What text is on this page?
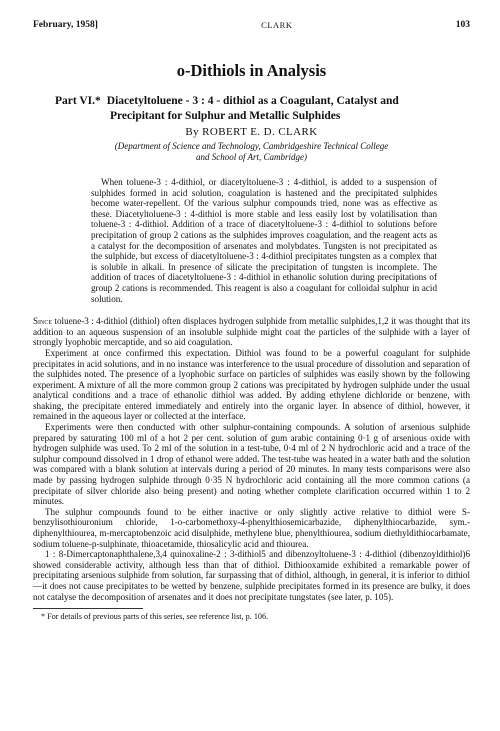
February, 1958]	CLARK	103
o-Dithiols in Analysis
Part VI.* Diacetyltoluene - 3 : 4 - dithiol as a Coagulant, Catalyst and
Precipitant for Sulphur and Metallic Sulphides
By ROBERT E. D. CLARK
(Department of Science and Technology, Cambridgeshire Technical College
and School of Art, Cambridge)
When toluene-3 : 4-dithiol, or diacetyltoluene-3 : 4-dithiol, is added to a suspension of sulphides formed in acid solution, coagulation is hastened and the precipitated sulphides become water-repellent. Of the various sulphur compounds tried, none was as effective as these. Diacetyltoluene-3 : 4-dithiol is more stable and less easily lost by volatilisation than toluene-3 : 4-dithiol. Addition of a trace of diacetyltoluene-3 : 4-dithiol to solutions before precipitation of group 2 cations as the sulphides improves coagulation, and the reagent acts as a catalyst for the decomposition of arsenates and molybdates. Tungsten is not precipitated as the sulphide, but excess of diacetyltoluene-3 : 4-dithiol precipitates tungsten as a complex that is soluble in alkali. In presence of silicate the precipitation of tungsten is incomplete. The addition of traces of diacetyltoluene-3 : 4-dithiol in ethanolic solution during precipitations of group 2 cations is recommended. This reagent is also a coagulant for colloidal sulphur in acid solution.

Since toluene-3 : 4-dithiol (dithiol) often displaces hydrogen sulphide from metallic sulphides,1,2 it was thought that its addition to an aqueous suspension of an insoluble sulphide might coat the particles of the sulphide with a layer of strongly lyophobic mercaptide, and so aid coagulation.

Experiment at once confirmed this expectation. Dithiol was found to be a powerful coagulant for sulphide precipitates in acid solutions, and in no instance was interference to the usual procedure of dissolution and separation of the sulphides noted. The presence of a lyophobic surface on particles of sulphides was easily shown by the following experiment. A mixture of all the more common group 2 cations was precipitated by hydrogen sulphide under the usual analytical conditions and a trace of ethanolic dithiol was added. By adding ethylene dichloride or benzene, with shaking, the precipitate entered immediately and entirely into the organic layer. In absence of dithiol, however, it remained in the aqueous layer or collected at the interface.

Experiments were then conducted with other sulphur-containing compounds. A solution of arsenious sulphide prepared by saturating 100 ml of a hot 2 per cent. solution of gum arabic containing 0·1 g of arsenious oxide with hydrogen sulphide was used. To 2 ml of the solution in a test-tube, 0·4 ml of 2 N hydrochloric acid and a trace of the sulphur compound dissolved in 1 drop of ethanol were added. The test-tube was heated in a water bath and the solution was compared with a blank solution at intervals during a period of 20 minutes. In many tests comparisons were also made by passing hydrogen sulphide through 0·35 N hydrochloric acid containing all the more common cations (a precipitate of silver chloride also being present) and noting whether complete clarification occurred within 1 to 2 minutes.

The sulphur compounds found to be either inactive or only slightly active relative to dithiol were S-benzylisothiouronium chloride, 1-o-carbomethoxy-4-phenylthiosemicarbazide, diphenylthiocarbazide, sym.-diphenylthiourea, m-mercaptobenzoic acid disulphide, methylene blue, phenylthiourea, sodium diethyldithiocarbamate, sodium toluene-p-sulphinate, thioacetamide, thiosalicylic acid and thiourea.

1 : 8-Dimercaptonaphthalene,3,4 quinoxaline-2 : 3-dithiol5 and dibenzoyltoluene-3 : 4-dithiol (dibenzoyldithiol)6 showed considerable activity, although less than that of dithiol. Dithiooxamide exhibited a remarkable power of precipitating arsenious sulphide from solution, far surpassing that of dithiol, although, in general, it is inferior to dithiol—it does not cause precipitates to be wetted by benzene, sulphide precipitates formed in its presence are bulky, it does not catalyse the decomposition of arsenates and it does not precipitate tungstates (see later, p. 105).

* For details of previous parts of this series, see reference list, p. 106.
